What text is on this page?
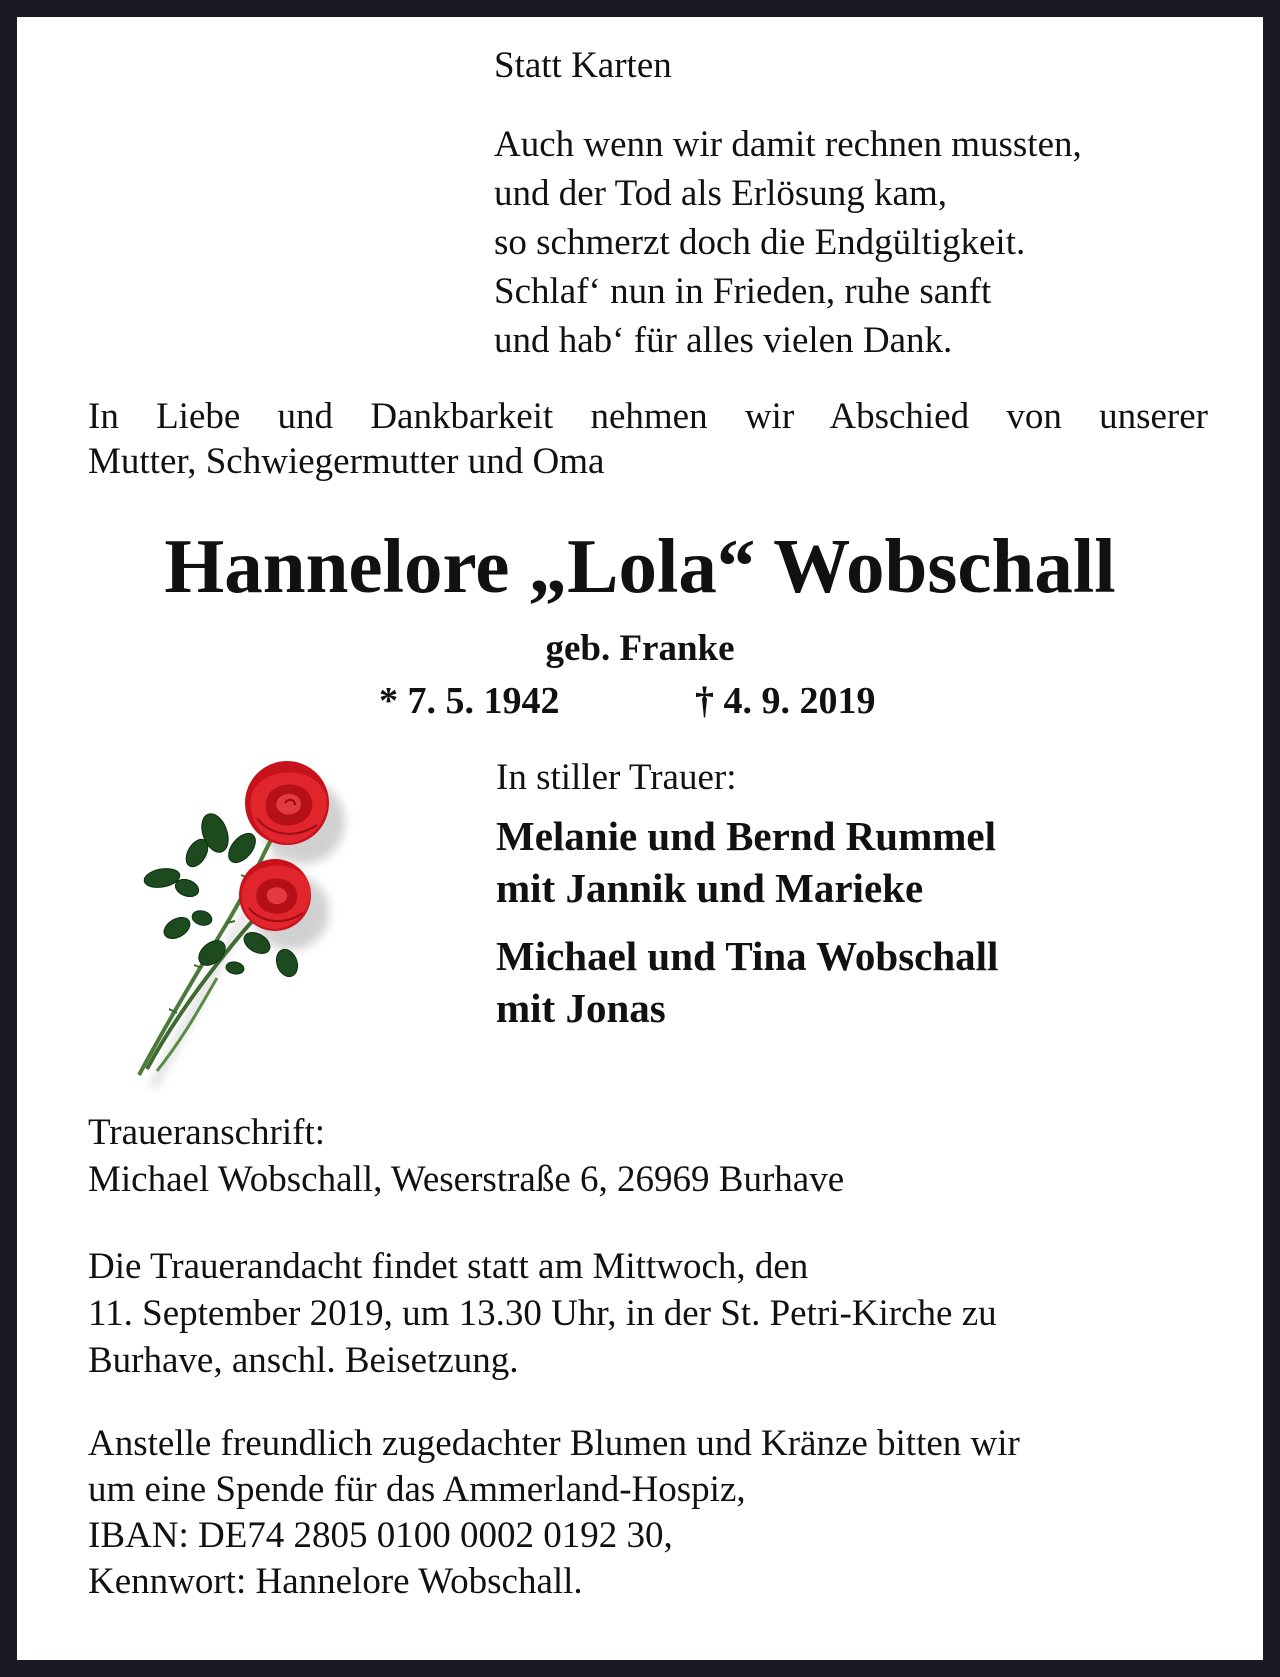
Statt Karten
Auch wenn wir damit rechnen mussten,
und der Tod als Erlösung kam,
so schmerzt doch die Endgültigkeit.
Schlaf‘ nun in Frieden, ruhe sanft
und hab‘ für alles vielen Dank.
In Liebe und Dankbarkeit nehmen wir Abschied von unserer
Mutter, Schwiegermutter und Oma
Hannelore „Lola“ Wobschall
geb. Franke
* 7. 5. 1942	† 4. 9. 2019
In stiller Trauer:
Melanie und Bernd Rummel
mit Jannik und Marieke
Michael und Tina Wobschall
mit Jonas
Traueranschrift:
Michael Wobschall, Weserstraße 6, 26969 Burhave
Die Trauerandacht findet statt am Mittwoch, den
11. September 2019, um 13.30 Uhr, in der St. Petri-Kirche zu
Burhave, anschl. Beisetzung.
Anstelle freundlich zugedachter Blumen und Kränze bitten wir
um eine Spende für das Ammerland-Hospiz,
IBAN: DE74 2805 0100 0002 0192 30,
Kennwort: Hannelore Wobschall.
